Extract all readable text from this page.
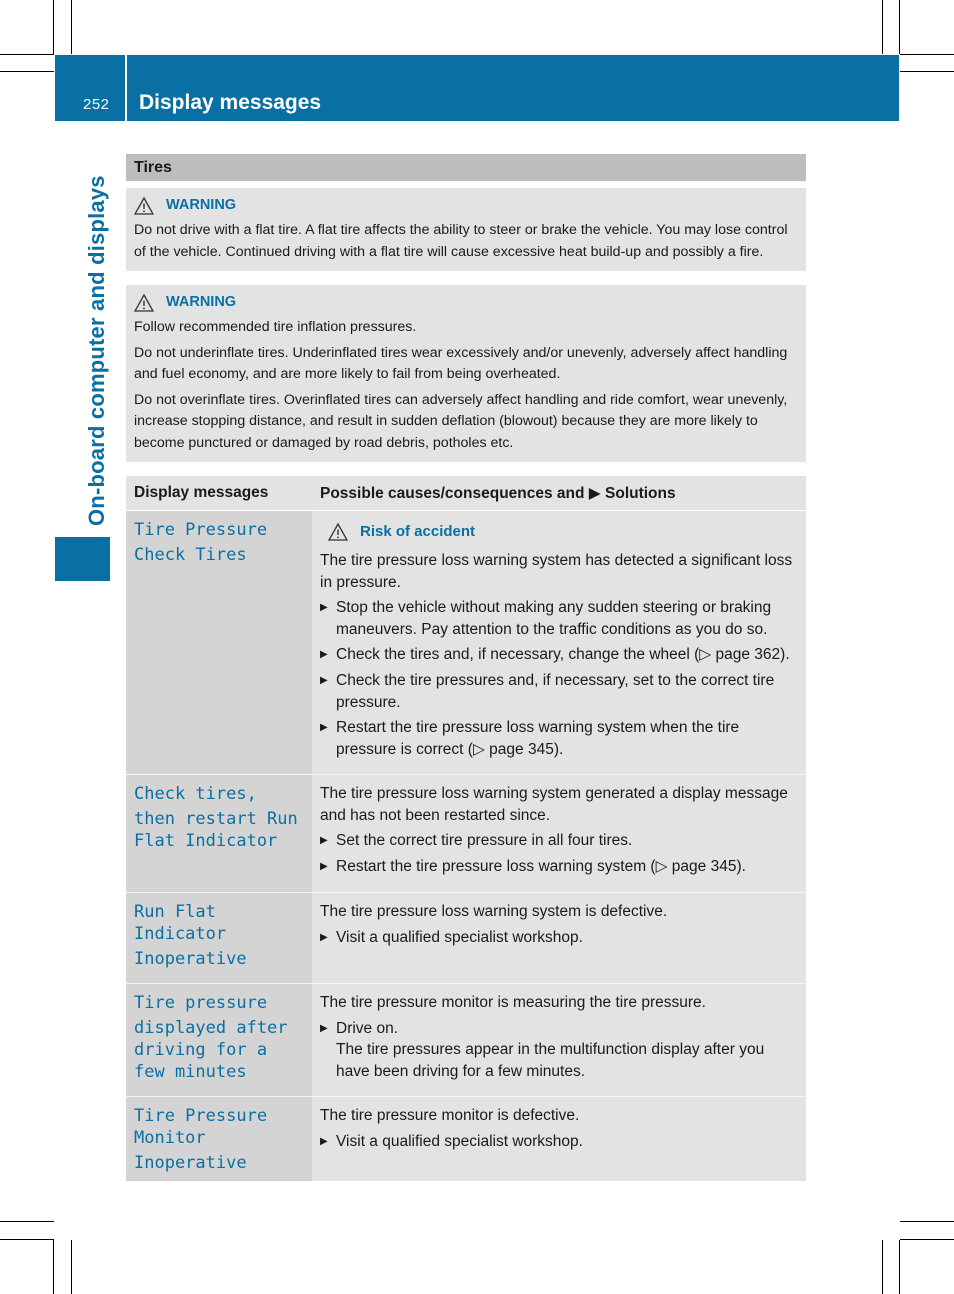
252 Display messages
On-board computer and displays
Tires
WARNING

Do not drive with a flat tire. A flat tire affects the ability to steer or brake the vehicle. You may lose control of the vehicle. Continued driving with a flat tire will cause excessive heat build-up and possibly a fire.

WARNING

Follow recommended tire inflation pressures.

Do not underinflate tires. Underinflated tires wear excessively and/or unevenly, adversely affect handling and fuel economy, and are more likely to fail from being overheated.

Do not overinflate tires. Overinflated tires can adversely affect handling and ride comfort, wear unevenly, increase stopping distance, and result in sudden deflation (blowout) because they are more likely to become punctured or damaged by road debris, potholes etc.

Display messages	Possible causes/consequences and ▶ Solutions
Tire Pressure
Check Tires
Risk of accident

The tire pressure loss warning system has detected a significant loss in pressure.

▶ Stop the vehicle without making any sudden steering or braking maneuvers. Pay attention to the traffic conditions as you do so.
▶ Check the tires and, if necessary, change the wheel (▷ page 362).
▶ Check the tire pressures and, if necessary, set to the correct tire pressure.
▶ Restart the tire pressure loss warning system when the tire pressure is correct (▷ page 345).
Check tires,
then restart Run Flat Indicator

The tire pressure loss warning system generated a display message and has not been restarted since.

▶ Set the correct tire pressure in all four tires.
▶ Restart the tire pressure loss warning system (▷ page 345).
Run Flat Indicator
Inoperative

The tire pressure loss warning system is defective.

▶ Visit a qualified specialist workshop.
Tire pressure
displayed after driving for a few minutes

The tire pressure monitor is measuring the tire pressure.

▶ Drive on.
The tire pressures appear in the multifunction display after you have been driving for a few minutes.
Tire Pressure Monitor
Inoperative

The tire pressure monitor is defective.

▶ Visit a qualified specialist workshop.
